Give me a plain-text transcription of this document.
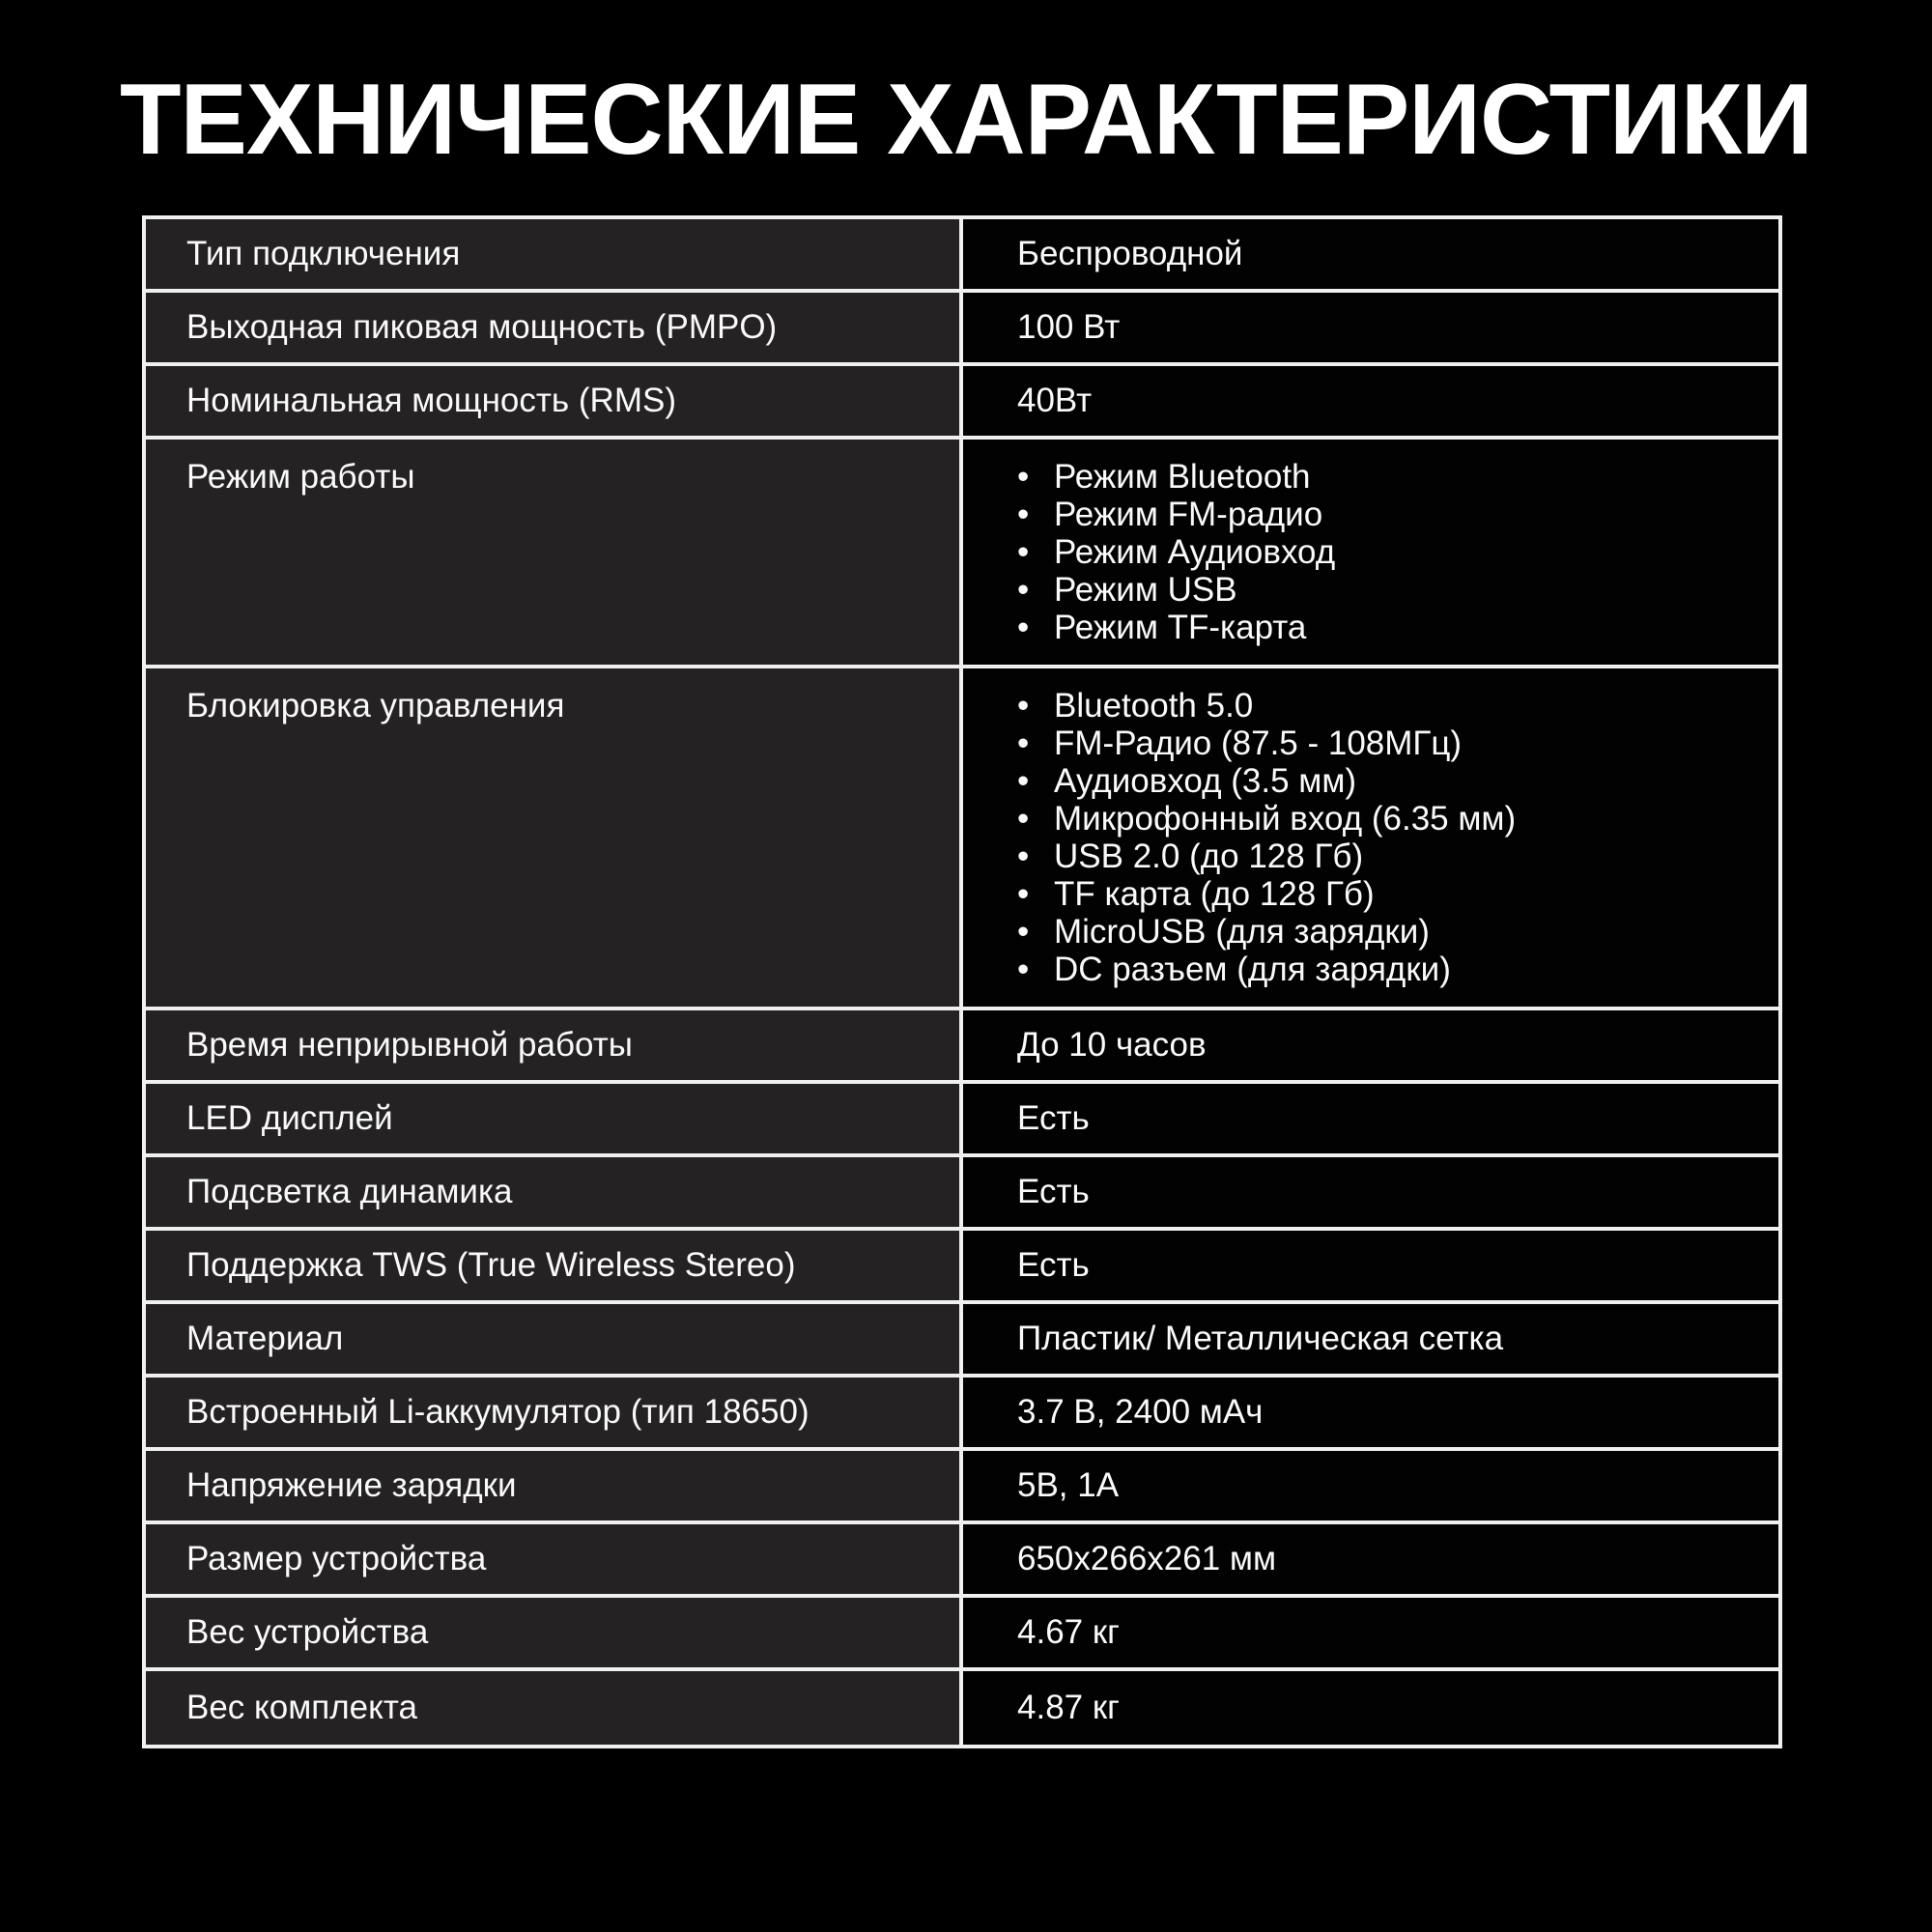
ТЕХНИЧЕСКИЕ ХАРАКТЕРИСТИКИ
Тип подключения	Беспроводной
Выходная пиковая мощность (PMPO)	100 Вт
Номинальная мощность (RMS)	40Вт
Режим работы	• Режим Bluetooth
• Режим FM-радио
• Режим Аудиовход
• Режим USB
• Режим TF-карта
Блокировка управления	• Bluetooth 5.0
• FM-Радио (87.5 - 108МГц)
• Аудиовход (3.5 мм)
• Микрофонный вход (6.35 мм)
• USB 2.0 (до 128 Гб)
• TF карта (до 128 Гб)
• MicroUSB (для зарядки)
• DC разъем (для зарядки)
Время неприрывной работы	До 10 часов
LED дисплей	Есть
Подсветка динамика	Есть
Поддержка TWS (True Wireless Stereo)	Есть
Материал	Пластик/ Металлическая сетка
Встроенный Li-аккумулятор (тип 18650)	3.7 В, 2400 мАч
Напряжение зарядки	5В, 1А
Размер устройства	650x266x261 мм
Вес устройства	4.67 кг
Вес комплекта	4.87 кг
